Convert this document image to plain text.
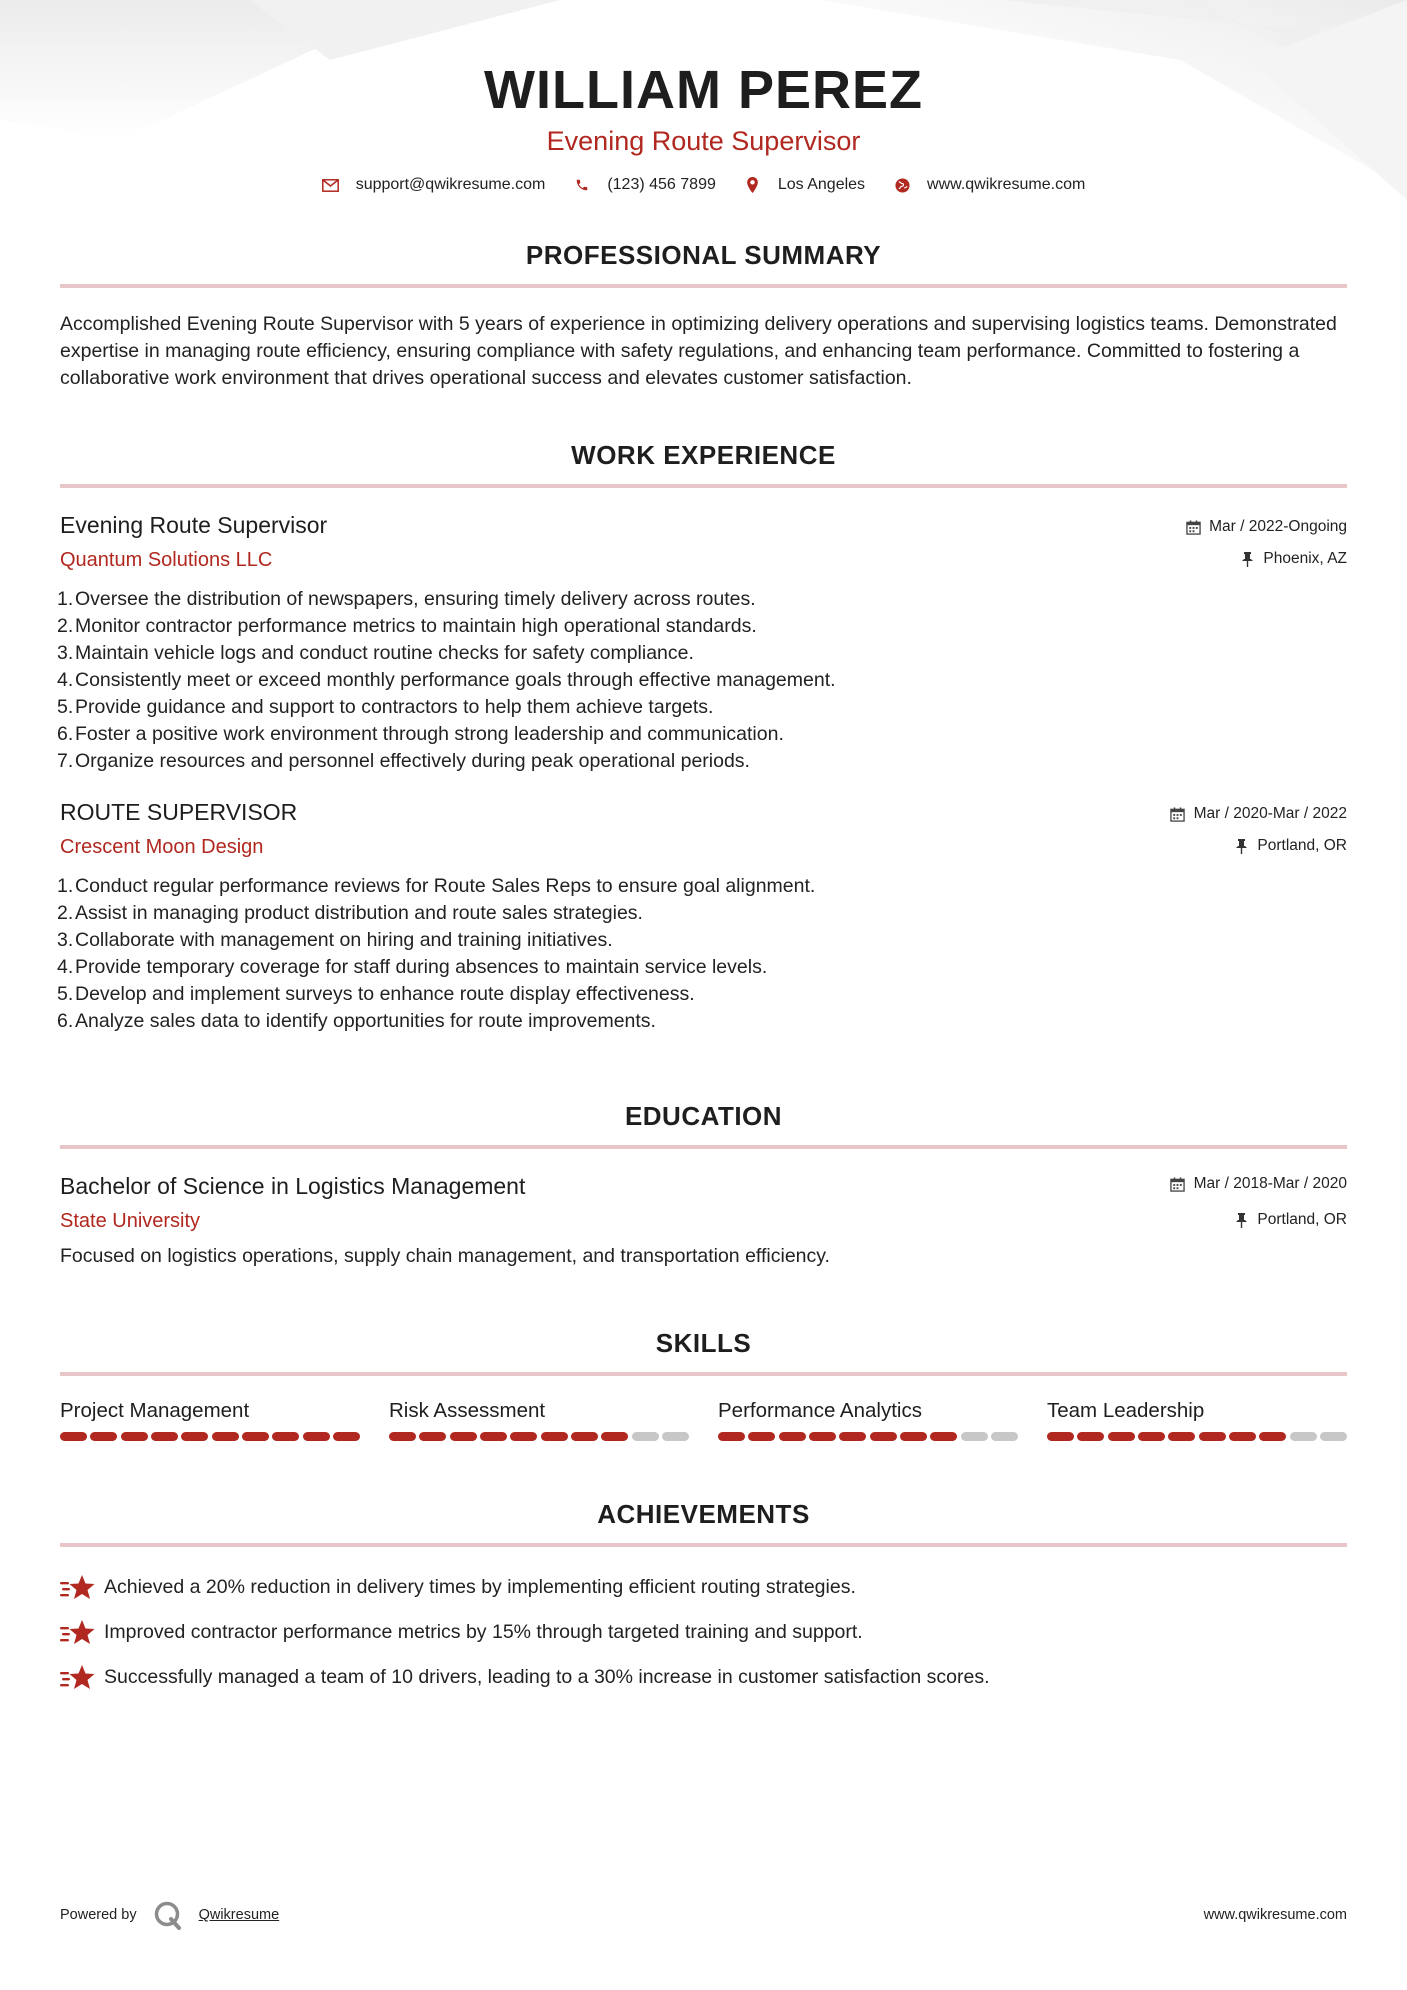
WILLIAM PEREZ
Evening Route Supervisor
support@qwikresume.com	(123) 456 7899	Los Angeles	www.qwikresume.com
PROFESSIONAL SUMMARY
Accomplished Evening Route Supervisor with 5 years of experience in optimizing delivery operations and supervising logistics teams. Demonstrated expertise in managing route efficiency, ensuring compliance with safety regulations, and enhancing team performance. Committed to fostering a collaborative work environment that drives operational success and elevates customer satisfaction.
WORK EXPERIENCE
Evening Route Supervisor
Quantum Solutions LLC
Mar / 2022-Ongoing
Phoenix, AZ
1. Oversee the distribution of newspapers, ensuring timely delivery across routes.
2. Monitor contractor performance metrics to maintain high operational standards.
3. Maintain vehicle logs and conduct routine checks for safety compliance.
4. Consistently meet or exceed monthly performance goals through effective management.
5. Provide guidance and support to contractors to help them achieve targets.
6. Foster a positive work environment through strong leadership and communication.
7. Organize resources and personnel effectively during peak operational periods.
ROUTE SUPERVISOR
Crescent Moon Design
Mar / 2020-Mar / 2022
Portland, OR
1. Conduct regular performance reviews for Route Sales Reps to ensure goal alignment.
2. Assist in managing product distribution and route sales strategies.
3. Collaborate with management on hiring and training initiatives.
4. Provide temporary coverage for staff during absences to maintain service levels.
5. Develop and implement surveys to enhance route display effectiveness.
6. Analyze sales data to identify opportunities for route improvements.
EDUCATION
Bachelor of Science in Logistics Management
State University
Mar / 2018-Mar / 2020
Portland, OR
Focused on logistics operations, supply chain management, and transportation efficiency.
SKILLS
Project Management	Risk Assessment	Performance Analytics	Team Leadership
ACHIEVEMENTS
Achieved a 20% reduction in delivery times by implementing efficient routing strategies.
Improved contractor performance metrics by 15% through targeted training and support.
Successfully managed a team of 10 drivers, leading to a 30% increase in customer satisfaction scores.
Powered by	Qwikresume	www.qwikresume.com
